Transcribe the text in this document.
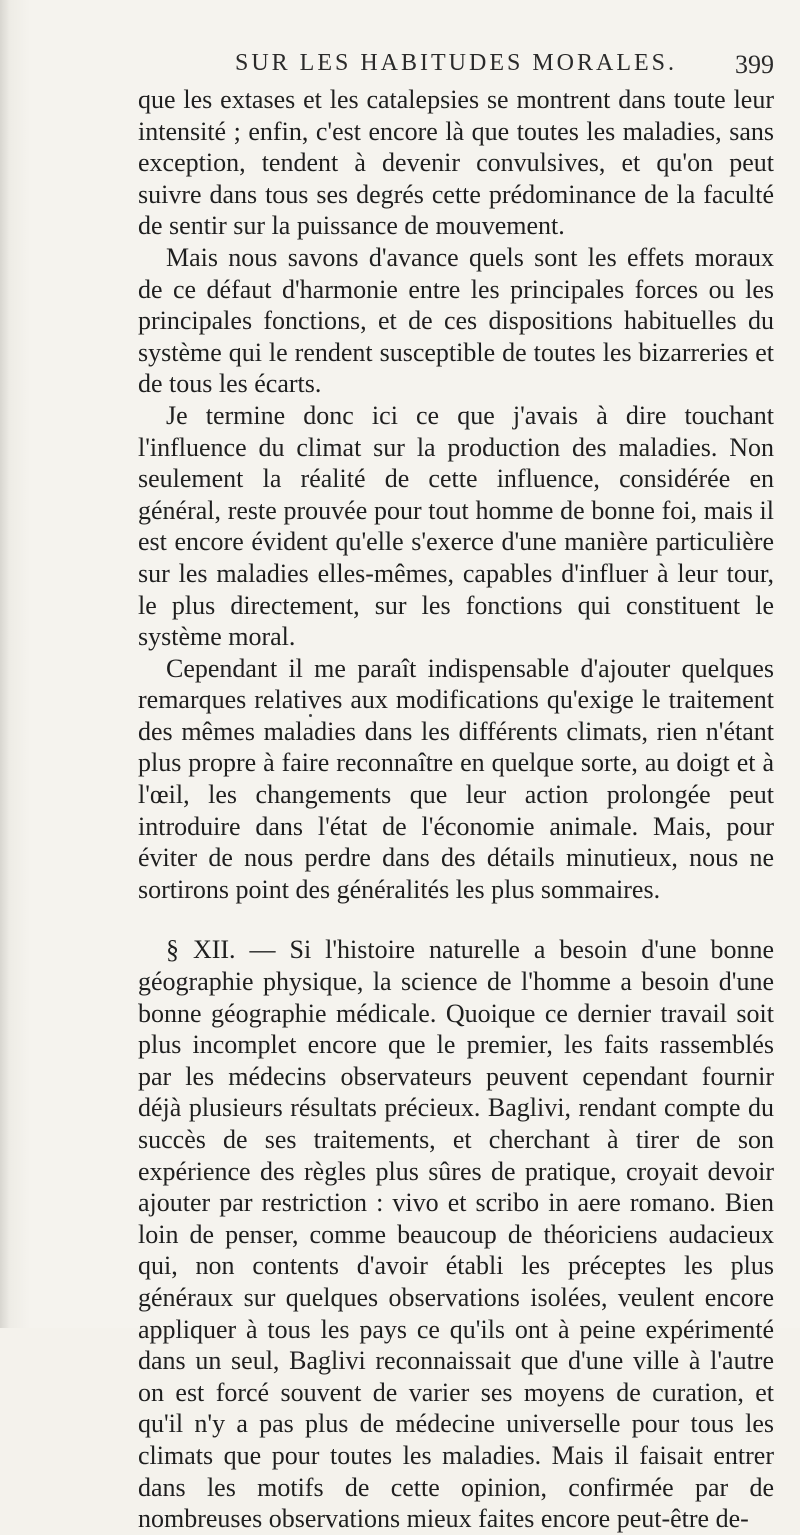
SUR LES HABITUDES MORALES.	399

que les extases et les catalepsies se montrent dans toute leur intensité ; enfin, c'est encore là que toutes les maladies, sans exception, tendent à devenir convulsives, et qu'on peut suivre dans tous ses degrés cette prédominance de la faculté de sentir sur la puissance de mouvement.

Mais nous savons d'avance quels sont les effets moraux de ce défaut d'harmonie entre les principales forces ou les principales fonctions, et de ces dispositions habituelles du système qui le rendent susceptible de toutes les bizarreries et de tous les écarts.

Je termine donc ici ce que j'avais à dire touchant l'influence du climat sur la production des maladies. Non seulement la réalité de cette influence, considérée en général, reste prouvée pour tout homme de bonne foi, mais il est encore évident qu'elle s'exerce d'une manière particulière sur les maladies elles-mêmes, capables d'influer à leur tour, le plus directement, sur les fonctions qui constituent le système moral.

Cependant il me paraît indispensable d'ajouter quelques remarques relatives aux modifications qu'exige le traitement des mêmes maladies dans les différents climats, rien n'étant plus propre à faire reconnaître en quelque sorte, au doigt et à l'œil, les changements que leur action prolongée peut introduire dans l'état de l'économie animale. Mais, pour éviter de nous perdre dans des détails minutieux, nous ne sortirons point des généralités les plus sommaires.

§ XII. — Si l'histoire naturelle a besoin d'une bonne géographie physique, la science de l'homme a besoin d'une bonne géographie médicale. Quoique ce dernier travail soit plus incomplet encore que le premier, les faits rassemblés par les médecins observateurs peuvent cependant fournir déjà plusieurs résultats précieux. Baglivi, rendant compte du succès de ses traitements, et cherchant à tirer de son expérience des règles plus sûres de pratique, croyait devoir ajouter par restriction : vivo et scribo in aere romano. Bien loin de penser, comme beaucoup de théoriciens audacieux qui, non contents d'avoir établi les préceptes les plus généraux sur quelques observations isolées, veulent encore appliquer à tous les pays ce qu'ils ont à peine expérimenté dans un seul, Baglivi reconnaissait que d'une ville à l'autre on est forcé souvent de varier ses moyens de curation, et qu'il n'y a pas plus de médecine universelle pour tous les climats que pour toutes les maladies. Mais il faisait entrer dans les motifs de cette opinion, confirmée par de nombreuses observations mieux faites encore peut-être de-
